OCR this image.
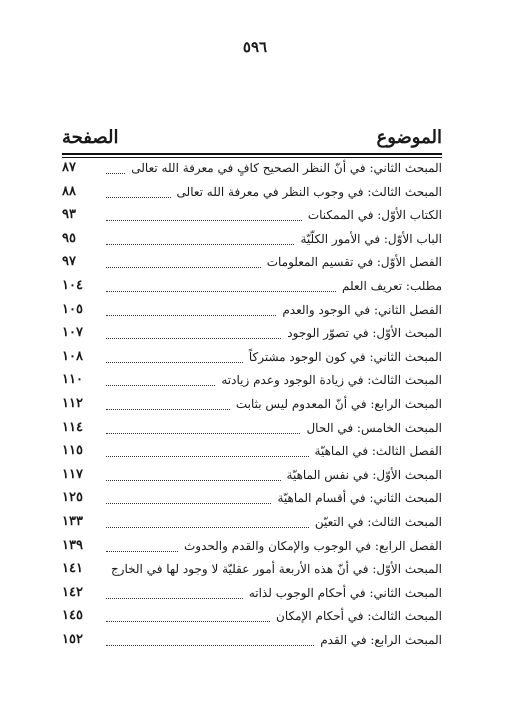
٥٩٦
الموضوع
الصفحة
المبحث الثاني: في أنّ النظر الصحيح كافٍ في معرفة الله تعالى
٨٧
المبحث الثالث: في وجوب النظر في معرفة الله تعالى
٨٨
الكتاب الأوّل: في الممكنات
٩٣
الباب الأوّل: في الأمور الكلّيّة
٩٥
الفصل الأوّل: في تقسيم المعلومات
٩٧
مطلب: تعريف العلم
١٠٤
الفصل الثاني: في الوجود والعدم
١٠٥
المبحث الأوّل: في تصوّر الوجود
١٠٧
المبحث الثاني: في كون الوجود مشتركاً
١٠٨
المبحث الثالث: في زيادة الوجود وعدم زيادته
١١٠
المبحث الرابع: في أنّ المعدوم ليس بثابت
١١٢
المبحث الخامس: في الحال
١١٤
الفصل الثالث: في الماهيّة
١١٥
المبحث الأوّل: في نفس الماهيّة
١١٧
المبحث الثاني: في أقسام الماهيّة
١٢٥
المبحث الثالث: في التعيّن
١٣٣
الفصل الرابع: في الوجوب والإمكان والقدم والحدوث
١٣٩
المبحث الأوّل: في أنّ هذه الأربعة أمور عقليّة لا وجود لها في الخارج
١٤١
المبحث الثاني: في أحكام الوجوب لذاته
١٤٢
المبحث الثالث: في أحكام الإمكان
١٤٥
المبحث الرابع: في القدم
١٥٢
